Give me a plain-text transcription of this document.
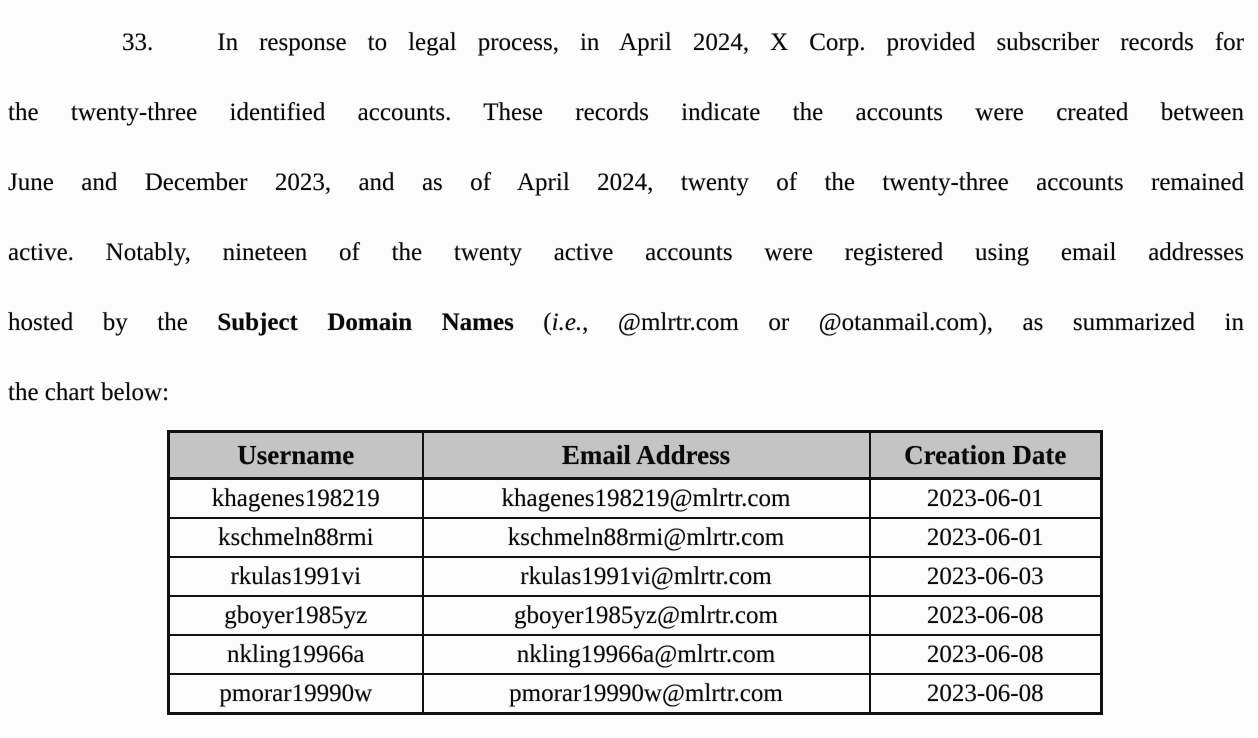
33.	In response to legal process, in April 2024, X Corp. provided subscriber records for
the twenty-three identified accounts. These records indicate the accounts were created between
June and December 2023, and as of April 2024, twenty of the twenty-three accounts remained
active. Notably, nineteen of the twenty active accounts were registered using email addresses
hosted by the Subject Domain Names (i.e., @mlrtr.com or @otanmail.com), as summarized in
the chart below:
Username	Email Address	Creation Date
khagenes198219	khagenes198219@mlrtr.com	2023-06-01
kschmeln88rmi	kschmeln88rmi@mlrtr.com	2023-06-01
rkulas1991vi	rkulas1991vi@mlrtr.com	2023-06-03
gboyer1985yz	gboyer1985yz@mlrtr.com	2023-06-08
nkling19966a	nkling19966a@mlrtr.com	2023-06-08
pmorar19990w	pmorar19990w@mlrtr.com	2023-06-08
